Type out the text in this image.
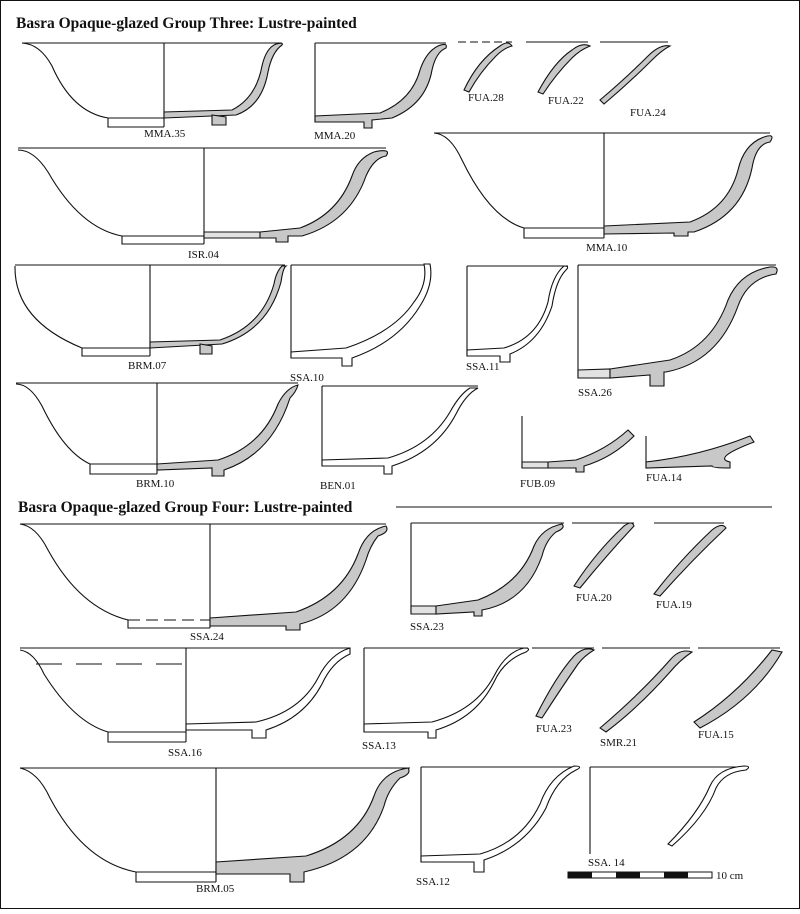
Basra Opaque-glazed Group Three: Lustre-painted
MMA.35	MMA.20
FUA.28	FUA.22
FUA.24
ISR.04
MMA.10
BRM.07
SSA.10
SSA.11
SSA.26
BRM.10	BEN.01	FUB.09	FUA.14
Basra Opaque-glazed Group Four: Lustre-painted
SSA.24
SSA.23
FUA.20
FUA.19
SSA.16
SSA.13
FUA.23
SMR.21
FUA.15
BRM.05
SSA.12
SSA. 14
10 cm
